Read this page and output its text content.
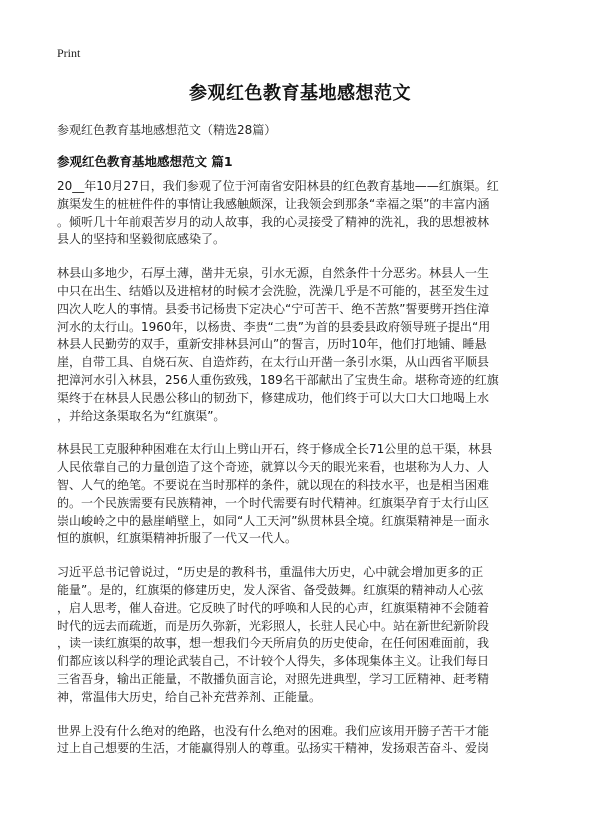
Print
参观红色教育基地感想范文
参观红色教育基地感想范文（精选28篇）
参观红色教育基地感想范文 篇1
20__年10月27日，我们参观了位于河南省安阳林县的红色教育基地——红旗渠。红
旗渠发生的桩桩件件的事情让我感触颇深，让我领会到那条“幸福之渠”的丰富内涵
。倾听几十年前艰苦岁月的动人故事，我的心灵接受了精神的洗礼，我的思想被林
县人的坚持和坚毅彻底感染了。
林县山多地少，石厚土薄，凿井无泉，引水无源，自然条件十分恶劣。林县人一生
中只在出生、结婚以及进棺材的时候才会洗脸，洗澡几乎是不可能的，甚至发生过
四次人吃人的事情。县委书记杨贵下定决心“宁可苦干、绝不苦熬”誓要劈开挡住漳
河水的太行山。1960年，以杨贵、李贵“二贵”为首的县委县政府领导班子提出“用
林县人民勤劳的双手，重新安排林县河山”的誓言，历时10年，他们打地铺、睡悬
崖，自带工具、自烧石灰、自造炸药，在太行山开凿一条引水渠，从山西省平顺县
把漳河水引入林县，256人重伤致残，189名干部献出了宝贵生命。堪称奇迹的红旗
渠终于在林县人民愚公移山的韧劲下，修建成功，他们终于可以大口大口地喝上水
，并给这条渠取名为“红旗渠”。
林县民工克服种种困难在太行山上劈山开石，终于修成全长71公里的总干渠，林县
人民依靠自己的力量创造了这个奇迹，就算以今天的眼光来看，也堪称为人力、人
智、人气的绝笔。不要说在当时那样的条件，就以现在的科技水平，也是相当困难
的。一个民族需要有民族精神，一个时代需要有时代精神。红旗渠孕育于太行山区
崇山峻岭之中的悬崖峭壁上，如同“人工天河”纵贯林县全境。红旗渠精神是一面永
恒的旗帜，红旗渠精神折服了一代又一代人。
习近平总书记曾说过，“历史是的教科书，重温伟大历史，心中就会增加更多的正
能量”。是的，红旗渠的修建历史，发人深省、备受鼓舞。红旗渠的精神动人心弦
，启人思考，催人奋进。它反映了时代的呼唤和人民的心声，红旗渠精神不会随着
时代的远去而疏逝，而是历久弥新，光彩照人，长驻人民心中。站在新世纪新阶段
，读一读红旗渠的故事，想一想我们今天所肩负的历史使命，在任何困难面前，我
们都应该以科学的理论武装自己，不计较个人得失，多体现集体主义。让我们每日
三省吾身，输出正能量，不散播负面言论，对照先进典型，学习工匠精神、赶考精
神，常温伟大历史，给自己补充营养剂、正能量。
世界上没有什么绝对的绝路，也没有什么绝对的困难。我们应该用开膀子苦干才能
过上自己想要的生活，才能赢得别人的尊重。弘扬实干精神，发扬艰苦奋斗、爱岗
